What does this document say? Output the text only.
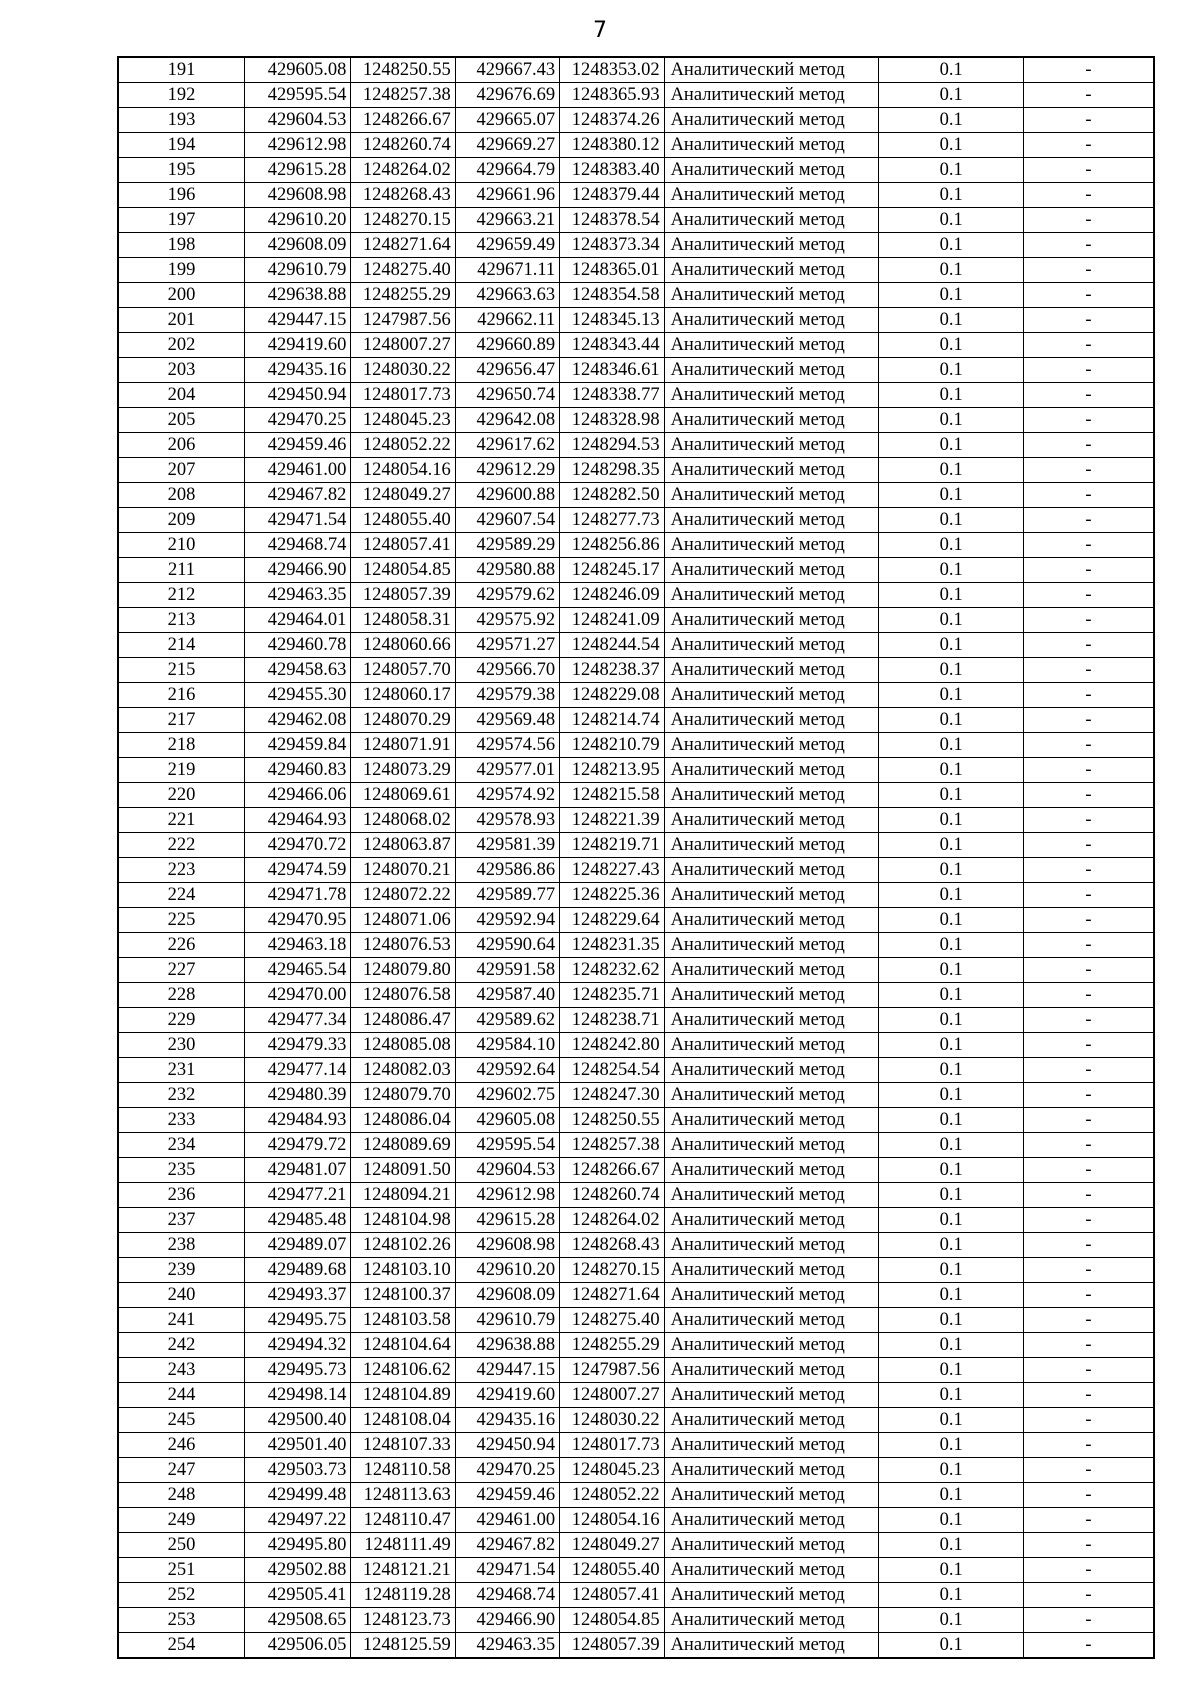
7
191	429605.08	1248250.55	429667.43	1248353.02	Аналитический метод	0.1	-
192	429595.54	1248257.38	429676.69	1248365.93	Аналитический метод	0.1	-
193	429604.53	1248266.67	429665.07	1248374.26	Аналитический метод	0.1	-
194	429612.98	1248260.74	429669.27	1248380.12	Аналитический метод	0.1	-
195	429615.28	1248264.02	429664.79	1248383.40	Аналитический метод	0.1	-
196	429608.98	1248268.43	429661.96	1248379.44	Аналитический метод	0.1	-
197	429610.20	1248270.15	429663.21	1248378.54	Аналитический метод	0.1	-
198	429608.09	1248271.64	429659.49	1248373.34	Аналитический метод	0.1	-
199	429610.79	1248275.40	429671.11	1248365.01	Аналитический метод	0.1	-
200	429638.88	1248255.29	429663.63	1248354.58	Аналитический метод	0.1	-
201	429447.15	1247987.56	429662.11	1248345.13	Аналитический метод	0.1	-
202	429419.60	1248007.27	429660.89	1248343.44	Аналитический метод	0.1	-
203	429435.16	1248030.22	429656.47	1248346.61	Аналитический метод	0.1	-
204	429450.94	1248017.73	429650.74	1248338.77	Аналитический метод	0.1	-
205	429470.25	1248045.23	429642.08	1248328.98	Аналитический метод	0.1	-
206	429459.46	1248052.22	429617.62	1248294.53	Аналитический метод	0.1	-
207	429461.00	1248054.16	429612.29	1248298.35	Аналитический метод	0.1	-
208	429467.82	1248049.27	429600.88	1248282.50	Аналитический метод	0.1	-
209	429471.54	1248055.40	429607.54	1248277.73	Аналитический метод	0.1	-
210	429468.74	1248057.41	429589.29	1248256.86	Аналитический метод	0.1	-
211	429466.90	1248054.85	429580.88	1248245.17	Аналитический метод	0.1	-
212	429463.35	1248057.39	429579.62	1248246.09	Аналитический метод	0.1	-
213	429464.01	1248058.31	429575.92	1248241.09	Аналитический метод	0.1	-
214	429460.78	1248060.66	429571.27	1248244.54	Аналитический метод	0.1	-
215	429458.63	1248057.70	429566.70	1248238.37	Аналитический метод	0.1	-
216	429455.30	1248060.17	429579.38	1248229.08	Аналитический метод	0.1	-
217	429462.08	1248070.29	429569.48	1248214.74	Аналитический метод	0.1	-
218	429459.84	1248071.91	429574.56	1248210.79	Аналитический метод	0.1	-
219	429460.83	1248073.29	429577.01	1248213.95	Аналитический метод	0.1	-
220	429466.06	1248069.61	429574.92	1248215.58	Аналитический метод	0.1	-
221	429464.93	1248068.02	429578.93	1248221.39	Аналитический метод	0.1	-
222	429470.72	1248063.87	429581.39	1248219.71	Аналитический метод	0.1	-
223	429474.59	1248070.21	429586.86	1248227.43	Аналитический метод	0.1	-
224	429471.78	1248072.22	429589.77	1248225.36	Аналитический метод	0.1	-
225	429470.95	1248071.06	429592.94	1248229.64	Аналитический метод	0.1	-
226	429463.18	1248076.53	429590.64	1248231.35	Аналитический метод	0.1	-
227	429465.54	1248079.80	429591.58	1248232.62	Аналитический метод	0.1	-
228	429470.00	1248076.58	429587.40	1248235.71	Аналитический метод	0.1	-
229	429477.34	1248086.47	429589.62	1248238.71	Аналитический метод	0.1	-
230	429479.33	1248085.08	429584.10	1248242.80	Аналитический метод	0.1	-
231	429477.14	1248082.03	429592.64	1248254.54	Аналитический метод	0.1	-
232	429480.39	1248079.70	429602.75	1248247.30	Аналитический метод	0.1	-
233	429484.93	1248086.04	429605.08	1248250.55	Аналитический метод	0.1	-
234	429479.72	1248089.69	429595.54	1248257.38	Аналитический метод	0.1	-
235	429481.07	1248091.50	429604.53	1248266.67	Аналитический метод	0.1	-
236	429477.21	1248094.21	429612.98	1248260.74	Аналитический метод	0.1	-
237	429485.48	1248104.98	429615.28	1248264.02	Аналитический метод	0.1	-
238	429489.07	1248102.26	429608.98	1248268.43	Аналитический метод	0.1	-
239	429489.68	1248103.10	429610.20	1248270.15	Аналитический метод	0.1	-
240	429493.37	1248100.37	429608.09	1248271.64	Аналитический метод	0.1	-
241	429495.75	1248103.58	429610.79	1248275.40	Аналитический метод	0.1	-
242	429494.32	1248104.64	429638.88	1248255.29	Аналитический метод	0.1	-
243	429495.73	1248106.62	429447.15	1247987.56	Аналитический метод	0.1	-
244	429498.14	1248104.89	429419.60	1248007.27	Аналитический метод	0.1	-
245	429500.40	1248108.04	429435.16	1248030.22	Аналитический метод	0.1	-
246	429501.40	1248107.33	429450.94	1248017.73	Аналитический метод	0.1	-
247	429503.73	1248110.58	429470.25	1248045.23	Аналитический метод	0.1	-
248	429499.48	1248113.63	429459.46	1248052.22	Аналитический метод	0.1	-
249	429497.22	1248110.47	429461.00	1248054.16	Аналитический метод	0.1	-
250	429495.80	1248111.49	429467.82	1248049.27	Аналитический метод	0.1	-
251	429502.88	1248121.21	429471.54	1248055.40	Аналитический метод	0.1	-
252	429505.41	1248119.28	429468.74	1248057.41	Аналитический метод	0.1	-
253	429508.65	1248123.73	429466.90	1248054.85	Аналитический метод	0.1	-
254	429506.05	1248125.59	429463.35	1248057.39	Аналитический метод	0.1	-
